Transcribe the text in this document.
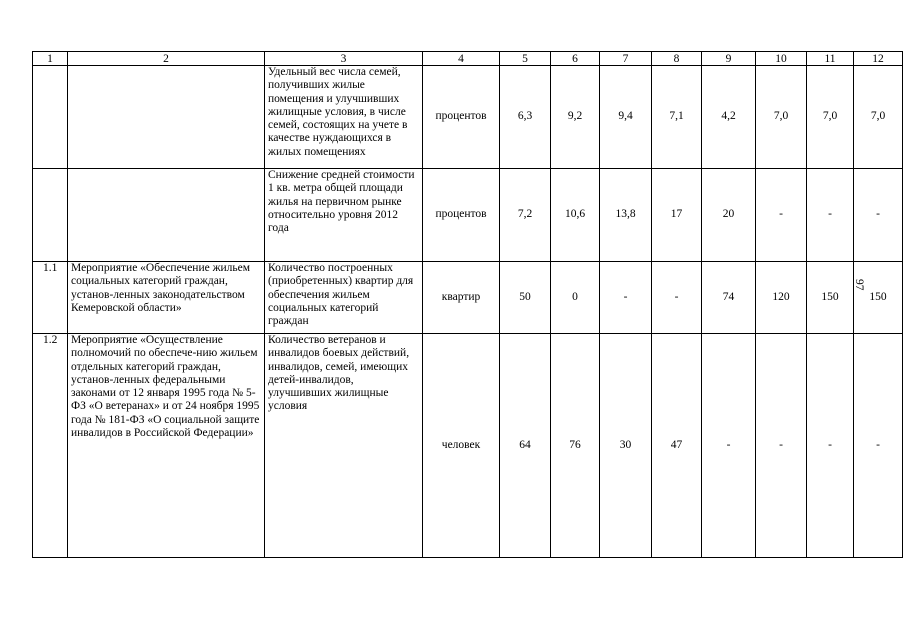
1	2	3	4	5	6	7	8	9	10	11	12
		Удельный вес числа семей, получивших жилые помещения и улучшивших жилищные условия, в числе семей, состоящих на учете в качестве нуждающихся в жилых помещениях	процентов	6,3	9,2	9,4	7,1	4,2	7,0	7,0	7,0
		Снижение средней стоимости 1 кв. метра общей площади жилья на первичном рынке относительно уровня 2012 года	процентов	7,2	10,6	13,8	17	20	-	-	-
1.1	Мероприятие «Обеспечение жильем социальных категорий граждан, установ-ленных законодательством Кемеровской области»	Количество построенных (приобретенных) квартир для обеспечения жильем социальных категорий граждан	квартир	50	0	-	-	74	120	150	150
1.2	Мероприятие «Осуществление полномочий по обеспече-нию жильем отдельных категорий граждан, установ-ленных федеральными законами от 12 января 1995 года № 5-ФЗ «О ветеранах» и от 24 ноября 1995 года № 181-ФЗ «О социальной защите инвалидов в Российской Федерации»	Количество ветеранов и инвалидов боевых действий, инвалидов, семей, имеющих детей-инвалидов, улучшивших жилищные условия	человек	64	76	30	47	-	-	-	-
97
